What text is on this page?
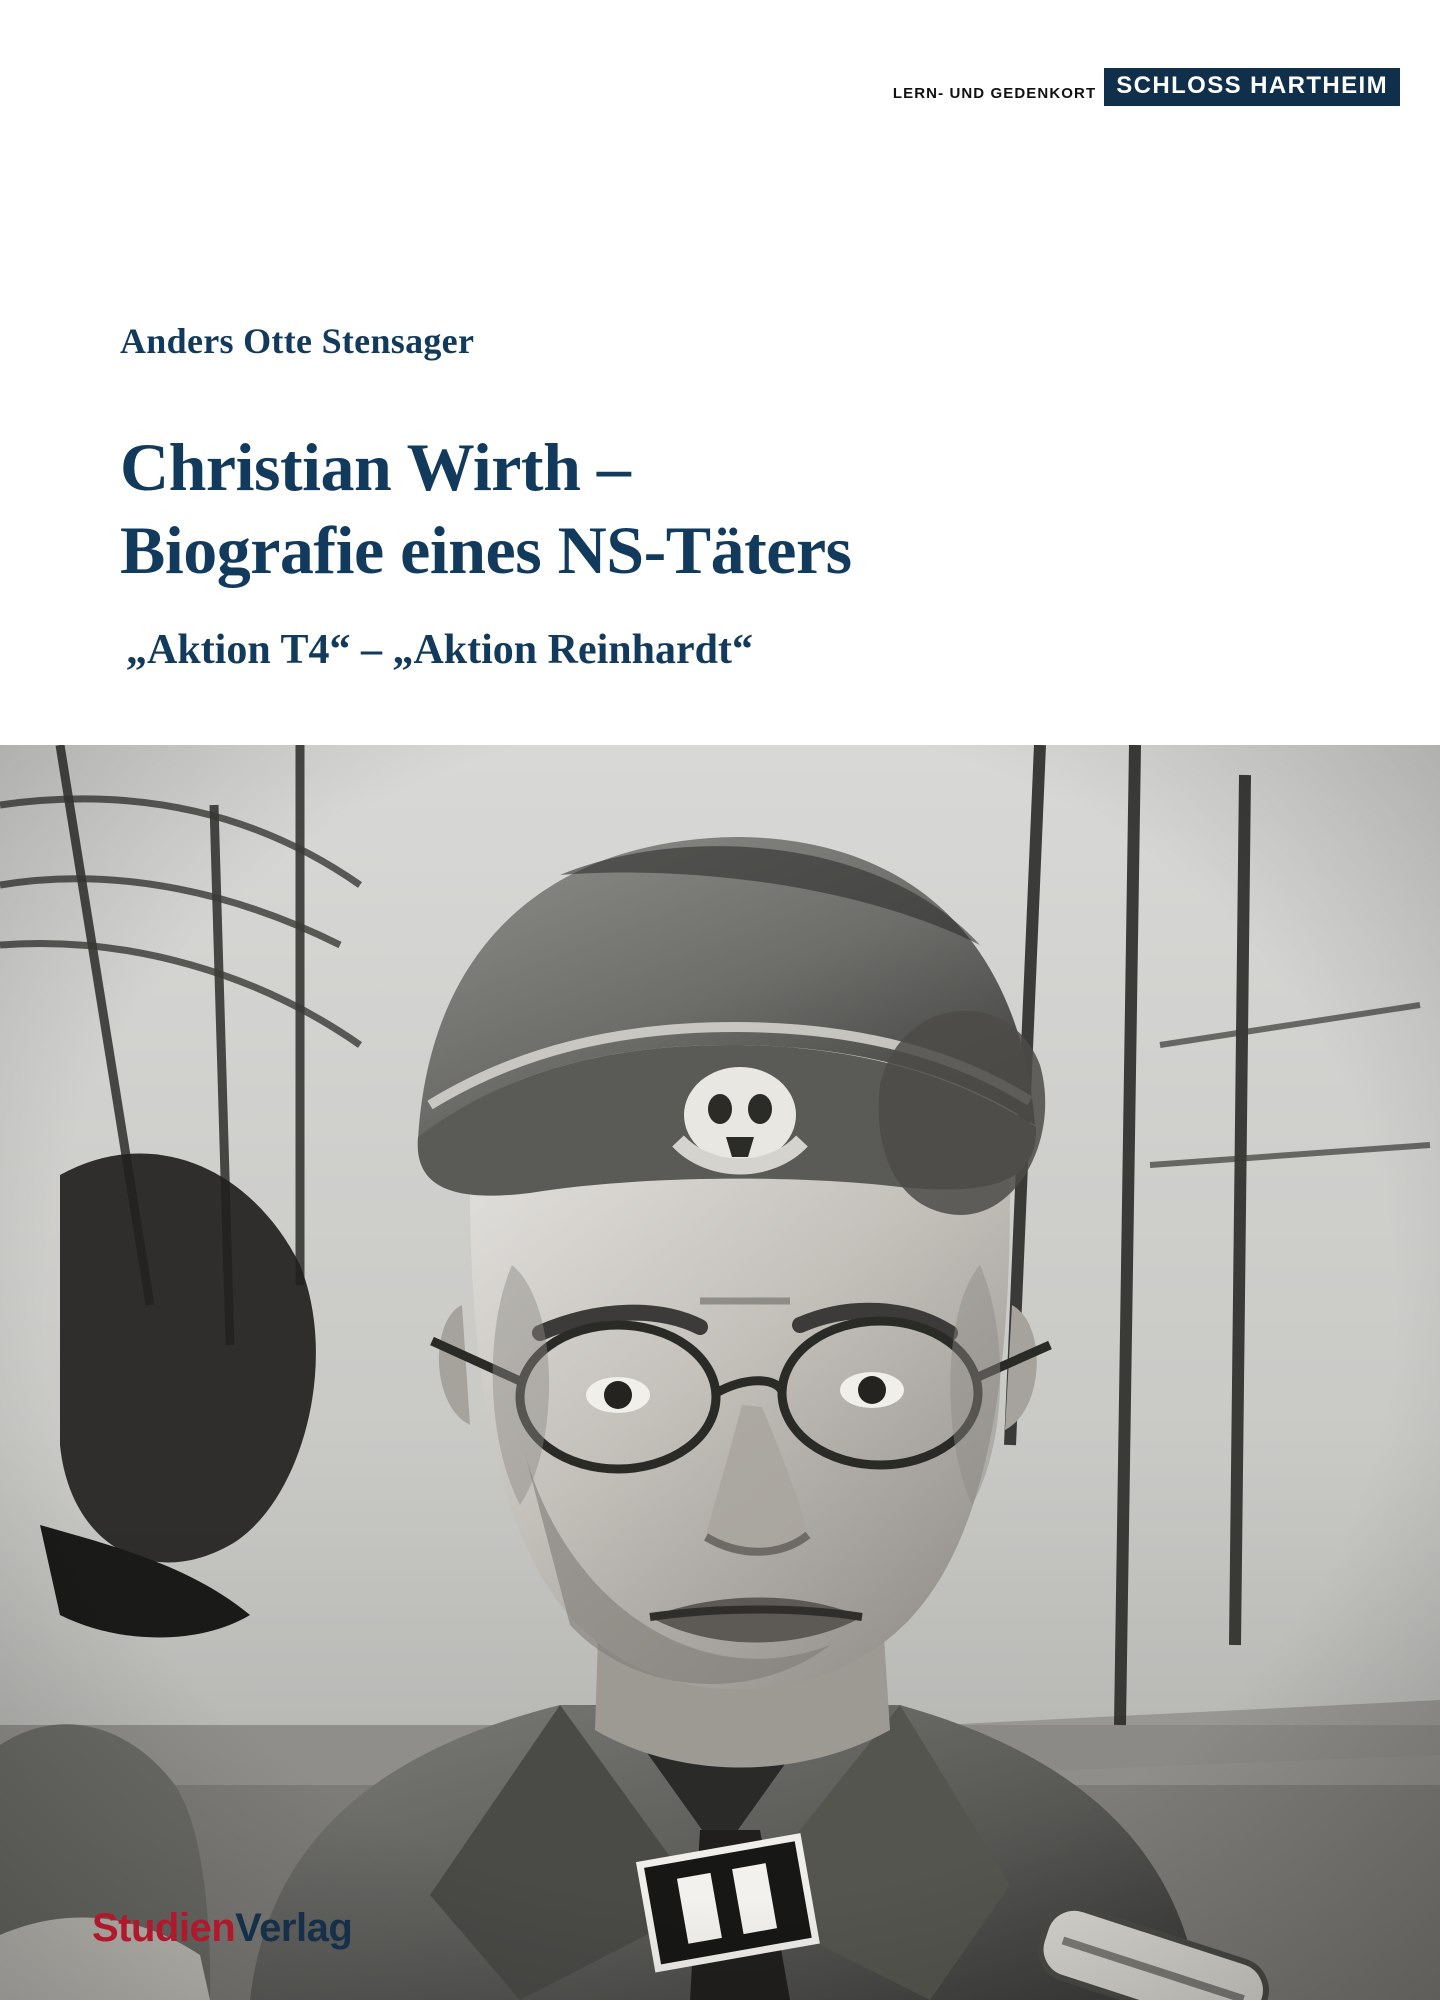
LERN- UND GEDENKORT SCHLOSS HARTHEIM
Anders Otte Stensager
Christian Wirth –
Biografie eines NS-Täters
„Aktion T4“ – „Aktion Reinhardt“
StudienVerlag
